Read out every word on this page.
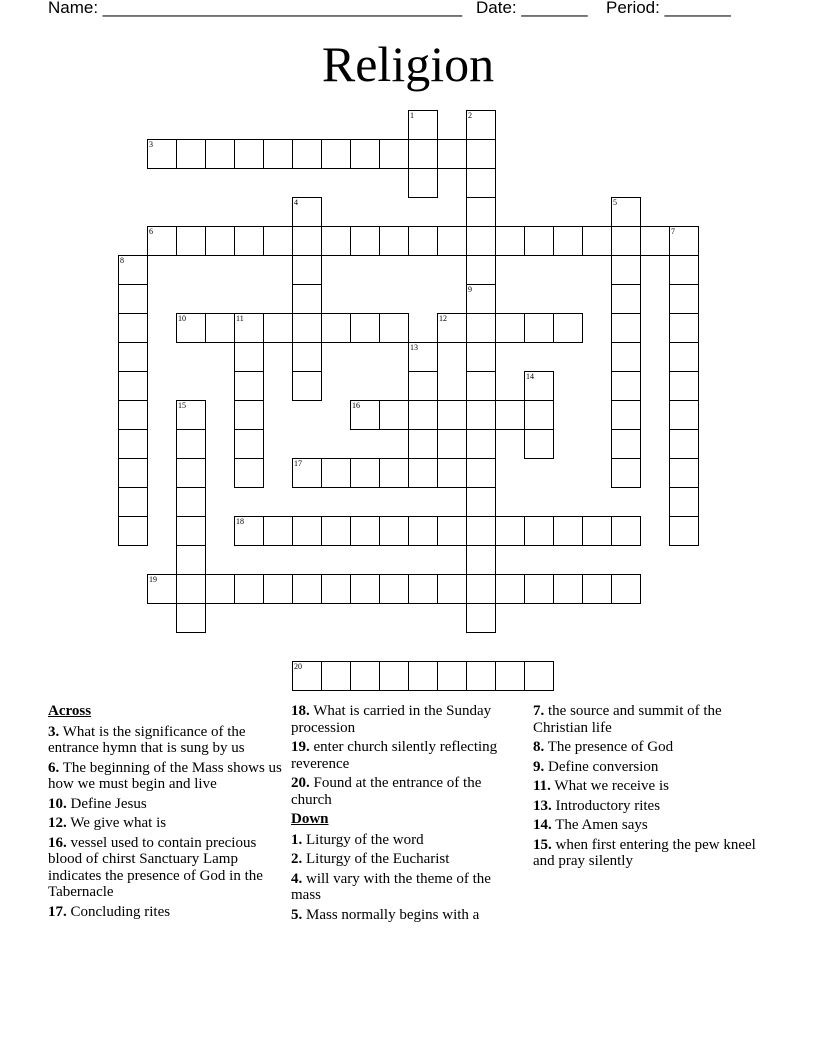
Name: ______________________________________ Date: _______ Period: _______
Religion
1	2
9
3
4	5
6	7
8
10	11	12
13
14
15	16
17
18
19
20
Across
3. What is the significance of the entrance hymn that is sung by us
6. The beginning of the Mass shows us how we must begin and live
10. Define Jesus
12. We give what is
16. vessel used to contain precious blood of chirst Sanctuary Lamp indicates the presence of God in the Tabernacle
17. Concluding rites
18. What is carried in the Sunday procession
19. enter church silently reflecting reverence
20. Found at the entrance of the church
Down
1. Liturgy of the word
2. Liturgy of the Eucharist
4. will vary with the theme of the mass
5. Mass normally begins with a
7. the source and summit of the Christian life
8. The presence of God
9. Define conversion
11. What we receive is
13. Introductory rites
14. The Amen says
15. when first entering the pew kneel and pray silently
